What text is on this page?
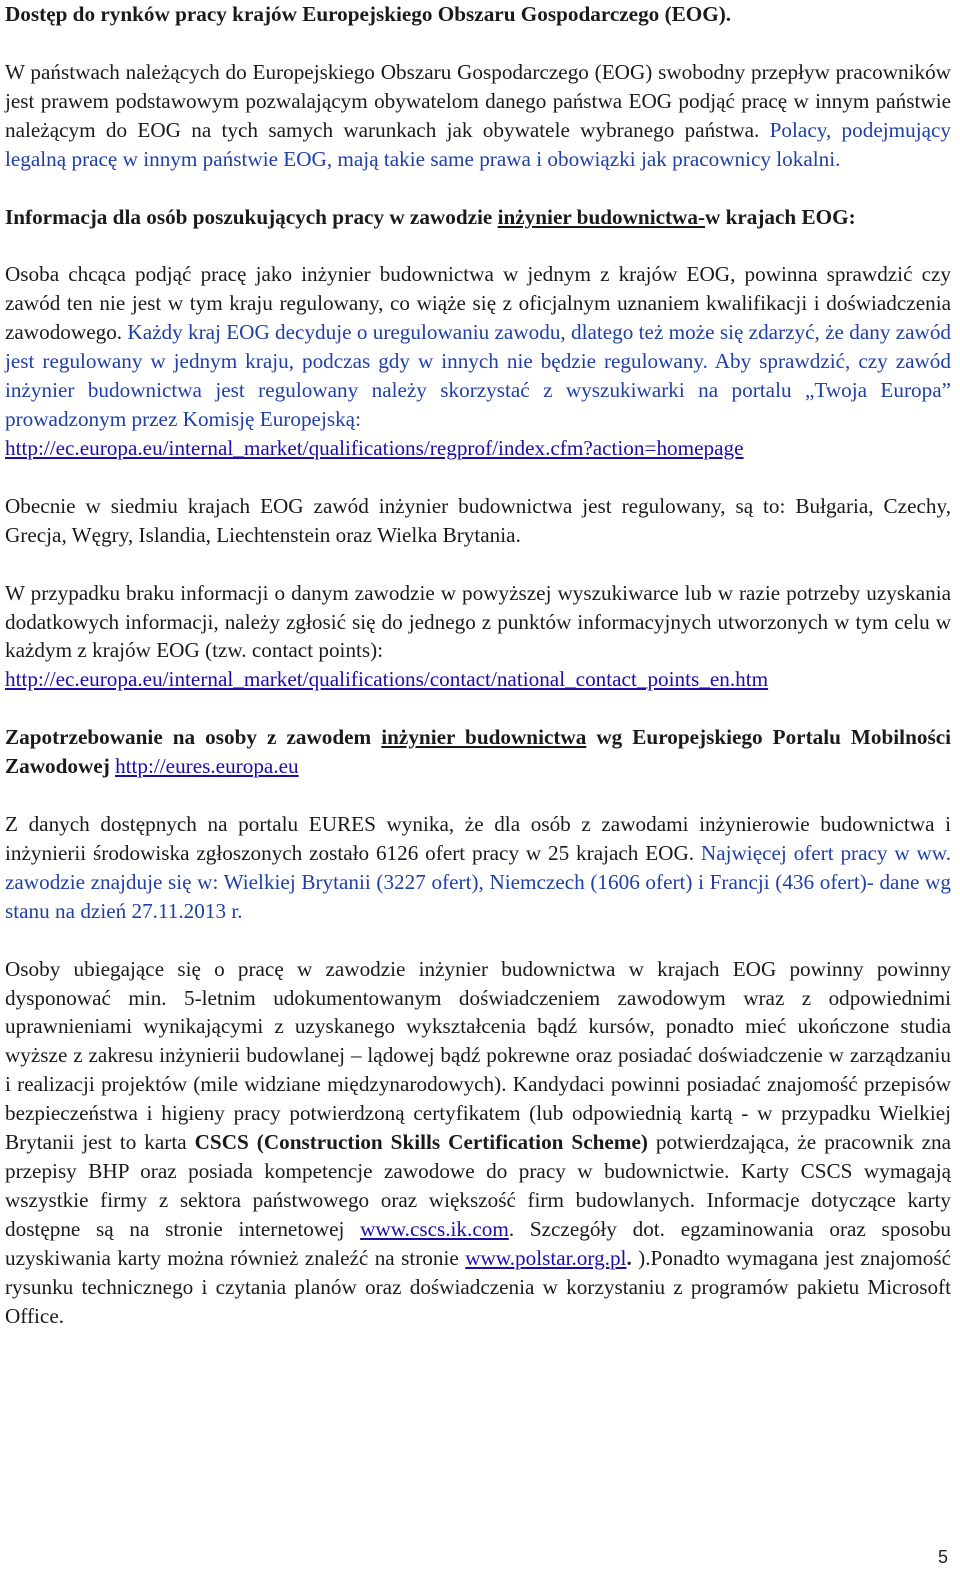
Dostęp do rynków pracy krajów Europejskiego Obszaru Gospodarczego (EOG).

W państwach należących do Europejskiego Obszaru Gospodarczego (EOG) swobodny przepływ pracowników jest prawem podstawowym pozwalającym obywatelom danego państwa EOG podjąć pracę w innym państwie należącym do EOG na tych samych warunkach jak obywatele wybranego państwa. Polacy, podejmujący legalną pracę w innym państwie EOG, mają takie same prawa i obowiązki jak pracownicy lokalni.

Informacja dla osób poszukujących pracy w zawodzie inżynier budownictwa-w krajach EOG:

Osoba chcąca podjąć pracę jako inżynier budownictwa w jednym z krajów EOG, powinna sprawdzić czy zawód ten nie jest w tym kraju regulowany, co wiąże się z oficjalnym uznaniem kwalifikacji i doświadczenia zawodowego. Każdy kraj EOG decyduje o uregulowaniu zawodu, dlatego też może się zdarzyć, że dany zawód jest regulowany w jednym kraju, podczas gdy w innych nie będzie regulowany. Aby sprawdzić, czy zawód inżynier budownictwa jest regulowany należy skorzystać z wyszukiwarki na portalu „Twoja Europa” prowadzonym przez Komisję Europejską:
http://ec.europa.eu/internal_market/qualifications/regprof/index.cfm?action=homepage

Obecnie w siedmiu krajach EOG zawód inżynier budownictwa jest regulowany, są to: Bułgaria, Czechy, Grecja, Węgry, Islandia, Liechtenstein oraz Wielka Brytania.

W przypadku braku informacji o danym zawodzie w powyższej wyszukiwarce lub w razie potrzeby uzyskania dodatkowych informacji, należy zgłosić się do jednego z punktów informacyjnych utworzonych w tym celu w każdym z krajów EOG (tzw. contact points):
http://ec.europa.eu/internal_market/qualifications/contact/national_contact_points_en.htm

Zapotrzebowanie na osoby z zawodem inżynier budownictwa wg Europejskiego Portalu Mobilności Zawodowej http://eures.europa.eu

Z danych dostępnych na portalu EURES wynika, że dla osób z zawodami inżynierowie budownictwa i inżynierii środowiska zgłoszonych zostało 6126 ofert pracy w 25 krajach EOG. Najwięcej ofert pracy w ww. zawodzie znajduje się w: Wielkiej Brytanii (3227 ofert), Niemczech (1606 ofert) i Francji (436 ofert)- dane wg stanu na dzień 27.11.2013 r.

Osoby ubiegające się o pracę w zawodzie inżynier budownictwa w krajach EOG powinny powinny dysponować min. 5-letnim udokumentowanym doświadczeniem zawodowym wraz z odpowiednimi uprawnieniami wynikającymi z uzyskanego wykształcenia bądź kursów, ponadto mieć ukończone studia wyższe z zakresu inżynierii budowlanej – lądowej bądź pokrewne oraz posiadać doświadczenie w zarządzaniu i realizacji projektów (mile widziane międzynarodowych). Kandydaci powinni posiadać znajomość przepisów bezpieczeństwa i higieny pracy potwierdzoną certyfikatem (lub odpowiednią kartą - w przypadku Wielkiej Brytanii jest to karta CSCS (Construction Skills Certification Scheme) potwierdzająca, że pracownik zna przepisy BHP oraz posiada kompetencje zawodowe do pracy w budownictwie. Karty CSCS wymagają wszystkie firmy z sektora państwowego oraz większość firm budowlanych. Informacje dotyczące karty dostępne są na stronie internetowej www.cscs.ik.com. Szczegóły dot. egzaminowania oraz sposobu uzyskiwania karty można również znaleźć na stronie www.polstar.org.pl. ).Ponadto wymagana jest znajomość rysunku technicznego i czytania planów oraz doświadczenia w korzystaniu z programów pakietu Microsoft Office.

5
